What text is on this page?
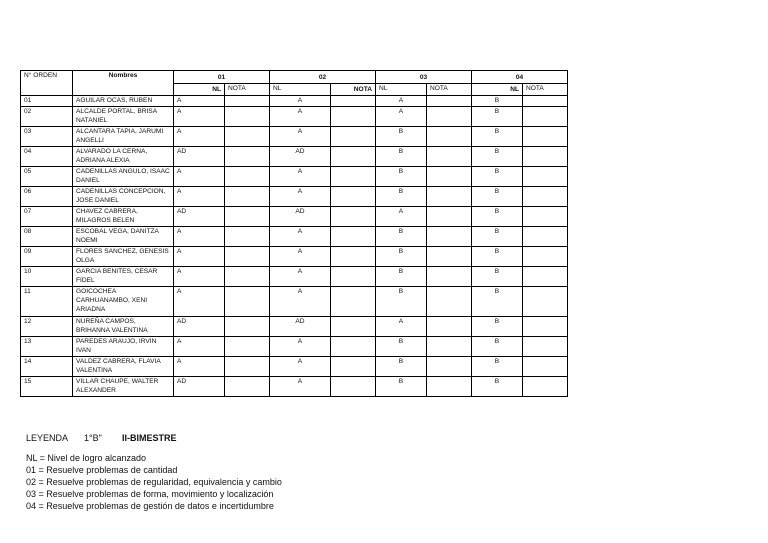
N° ORDEN	Nombres	01		02		03		04	
		NL	NOTA	NL	NOTA	NL	NOTA	NL	NOTA
01	AGUILAR OCAS, RUBEN	A		A		A		B	
02	ALCALDE PORTAL, BRISA NATANIEL	A		A		A		B	
03	ALCANTARA TAPIA, JARUMI ANGELLI	A		A		B		B	
04	ALVARADO LA CERNA, ADRIANA ALEXIA	AD		AD		B		B	
05	CADENILLAS ANGULO, ISAAC DANIEL	A		A		B		B	
06	CADENILLAS CONCEPCION, JOSE DANIEL	A		A		B		B	
07	CHAVEZ CABRERA, MILAGROS BELEN	AD		AD		A		B	
08	ESCOBAL VEGA, DANITZA NOEMI	A		A		B		B	
09	FLORES SANCHEZ, GENESIS OLGA	A		A		B		B	
10	GARCIA BENITES, CESAR FIDEL	A		A		B		B	
11	GOICOCHEA CARHUANAMBO, XENI ARIADNA	A		A		B		B	
12	NUREÑA CAMPOS, BRIHANNA VALENTINA	AD		AD		A		B	
13	PAREDES ARAUJO, IRVIN IVAN	A		A		B		B	
14	VALDEZ CABRERA, FLAVIA VALENTINA	A		A		B		B	
15	VILLAR CHAUPE, WALTER ALEXANDER	AD		A		B		B	
LEYENDA	1°B"	II-BIMESTRE
NL = Nivel de logro alcanzado
01 = Resuelve problemas de cantidad
02 = Resuelve problemas de regularidad, equivalencia y cambio
03 = Resuelve problemas de forma, movimiento y localización
04 = Resuelve problemas de gestión de datos e incertidumbre
